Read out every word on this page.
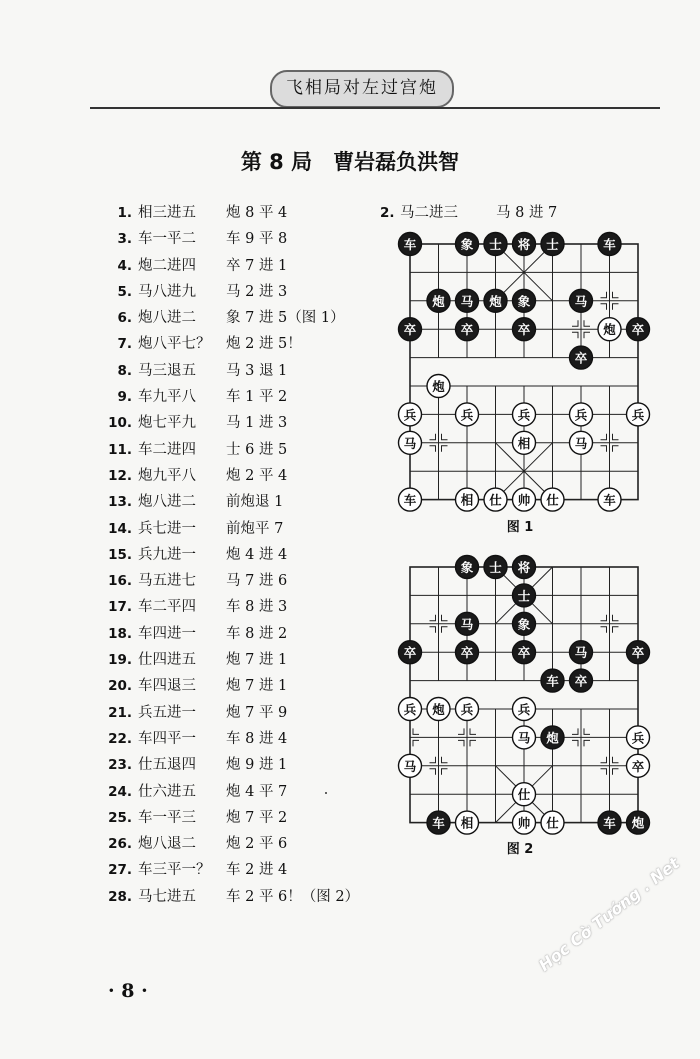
飞相局对左过宫炮
第 8 局　曹岩磊负洪智
1. 相三进五	炮 8 平 4
3. 车一平二	车 9 平 8
4. 炮二进四	卒 7 进 1
5. 马八进九	马 2 进 3
6. 炮八进二	象 7 进 5（图 1）
7. 炮八平七？	炮 2 进 5！
8. 马三退五	马 3 退 1
9. 车九平八	车 1 平 2
10. 炮七平九	马 1 进 3
11. 车二进四	士 6 进 5
12. 炮九平八	炮 2 平 4
13. 炮八进二	前炮退 1
14. 兵七进一	前炮平 7
15. 兵九进一	炮 4 进 4
16. 马五进七	马 7 进 6
17. 车二平四	车 8 进 3
18. 车四进一	车 8 进 2
19. 仕四进五	炮 7 进 1
20. 车四退三	炮 7 进 1
21. 兵五进一	炮 7 平 9
22. 车四平一	车 8 进 4
23. 仕五退四	炮 9 进 1
24. 仕六进五	炮 4 平 7
25. 车一平三	炮 7 平 2
26. 炮八退二	炮 2 平 6
27. 车三平一？	车 2 进 4
28. 马七进五	车 2 平 6！（图 2）
2. 马二进三	马 8 进 7
车	象 士 将 士	车
炮 马 炮 象	马
卒	卒	卒	炮 卒
卒
炮
兵	兵	兵	兵	兵
马	相	马
车	相 仕 帅 仕	车
图 1
象 士 将
士
马	象
卒	卒	卒	马	卒
车 卒
兵 炮 兵	兵
马 炮	兵
马	卒
仕
车 相	帅 仕	车 炮
图 2
· 8 ·
Học Cờ Tướng . Net
